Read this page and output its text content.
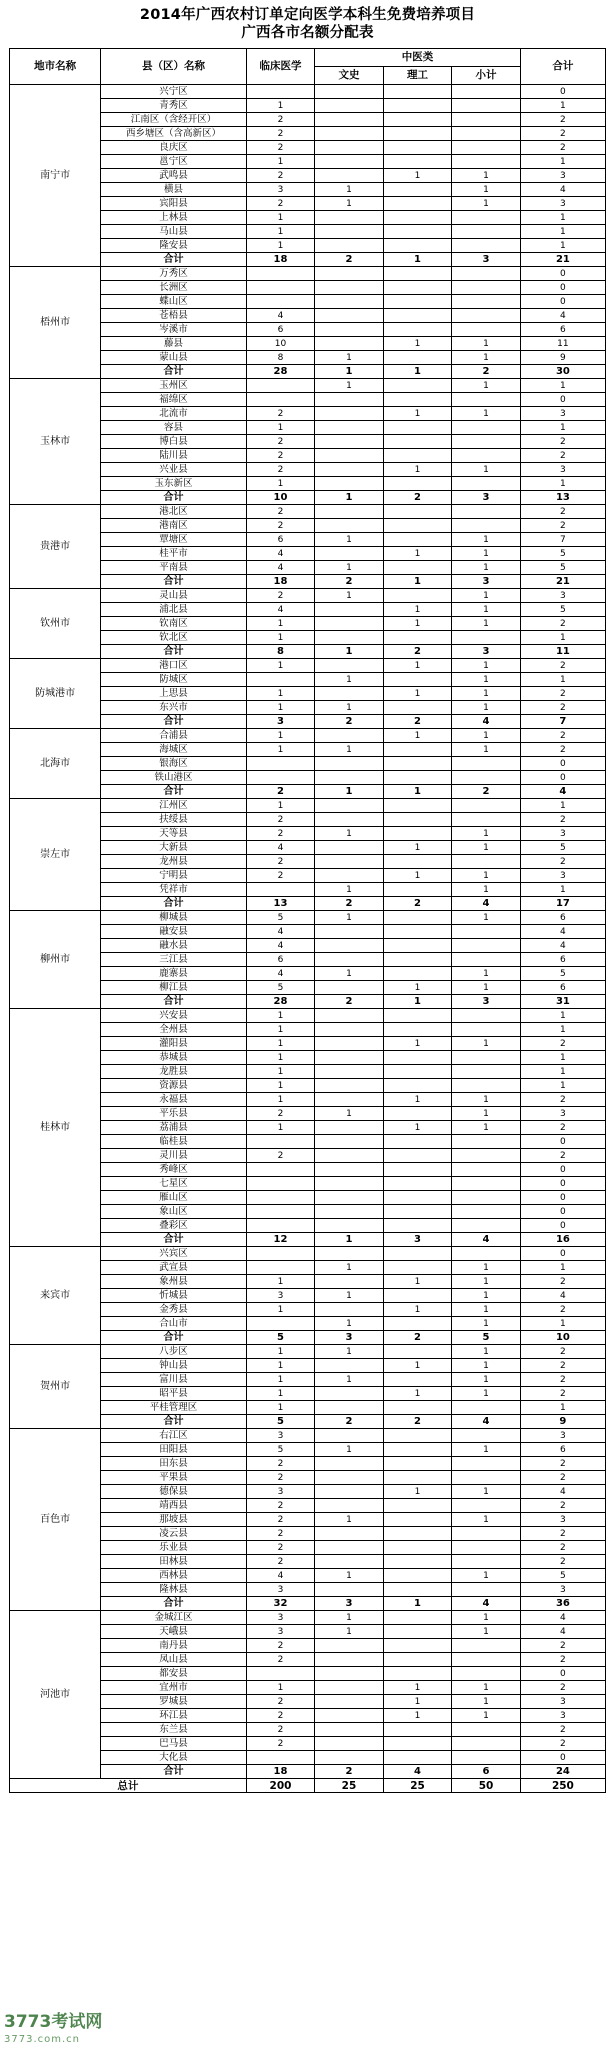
2014年广西农村订单定向医学本科生免费培养项目
广西各市名额分配表
地市名称	县（区）名称	临床医学	中医类			合计
			文史	理工	小计	
南宁市	兴宁区					0
	青秀区	1				1
	江南区（含经开区）	2				2
	西乡塘区（含高新区）	2				2
	良庆区	2				2
	邕宁区	1				1
	武鸣县	2		1	1	3
	横县	3	1		1	4
	宾阳县	2	1		1	3
	上林县	1				1
	马山县	1				1
	隆安县	1				1
	合计	18	2	1	3	21
梧州市	万秀区					0
	长洲区					0
	蝶山区					0
	苍梧县	4				4
	岑溪市	6				6
	藤县	10		1	1	11
	蒙山县	8	1		1	9
	合计	28	1	1	2	30
玉林市	玉州区		1		1	1
	福绵区					0
	北流市	2		1	1	3
	容县	1				1
	博白县	2				2
	陆川县	2				2
	兴业县	2		1	1	3
	玉东新区	1				1
	合计	10	1	2	3	13
贵港市	港北区	2				2
	港南区	2				2
	覃塘区	6	1		1	7
	桂平市	4		1	1	5
	平南县	4	1		1	5
	合计	18	2	1	3	21
钦州市	灵山县	2	1		1	3
	浦北县	4		1	1	5
	钦南区	1		1	1	2
	钦北区	1				1
	合计	8	1	2	3	11
防城港市	港口区	1		1	1	2
	防城区		1		1	1
	上思县	1		1	1	2
	东兴市	1	1		1	2
	合计	3	2	2	4	7
北海市	合浦县	1		1	1	2
	海城区	1	1		1	2
	银海区					0
	铁山港区					0
	合计	2	1	1	2	4
崇左市	江州区	1				1
	扶绥县	2				2
	天等县	2	1		1	3
	大新县	4		1	1	5
	龙州县	2				2
	宁明县	2		1	1	3
	凭祥市		1		1	1
	合计	13	2	2	4	17
柳州市	柳城县	5	1		1	6
	融安县	4				4
	融水县	4				4
	三江县	6				6
	鹿寨县	4	1		1	5
	柳江县	5		1	1	6
	合计	28	2	1	3	31
桂林市	兴安县	1				1
	全州县	1				1
	灌阳县	1		1	1	2
	恭城县	1				1
	龙胜县	1				1
	资源县	1				1
	永福县	1		1	1	2
	平乐县	2	1		1	3
	荔浦县	1		1	1	2
	临桂县					0
	灵川县	2				2
	秀峰区					0
	七星区					0
	雁山区					0
	象山区					0
	叠彩区					0
	合计	12	1	3	4	16
来宾市	兴宾区					0
	武宣县		1		1	1
	象州县	1		1	1	2
	忻城县	3	1		1	4
	金秀县	1		1	1	2
	合山市		1		1	1
	合计	5	3	2	5	10
贺州市	八步区	1	1		1	2
	钟山县	1		1	1	2
	富川县	1	1		1	2
	昭平县	1		1	1	2
	平桂管理区	1				1
	合计	5	2	2	4	9
百色市	右江区	3				3
	田阳县	5	1		1	6
	田东县	2				2
	平果县	2				2
	德保县	3		1	1	4
	靖西县	2				2
	那坡县	2	1		1	3
	凌云县	2				2
	乐业县	2				2
	田林县	2				2
	西林县	4	1		1	5
	隆林县	3				3
	合计	32	3	1	4	36
河池市	金城江区	3	1		1	4
	天峨县	3	1		1	4
	南丹县	2				2
	凤山县	2				2
	都安县					0
	宜州市	1		1	1	2
	罗城县	2		1	1	3
	环江县	2		1	1	3
	东兰县	2				2
	巴马县	2				2
	大化县					0
	合计	18	2	4	6	24
总计		200	25	25	50	250
3773考试网
3773.com.cn
